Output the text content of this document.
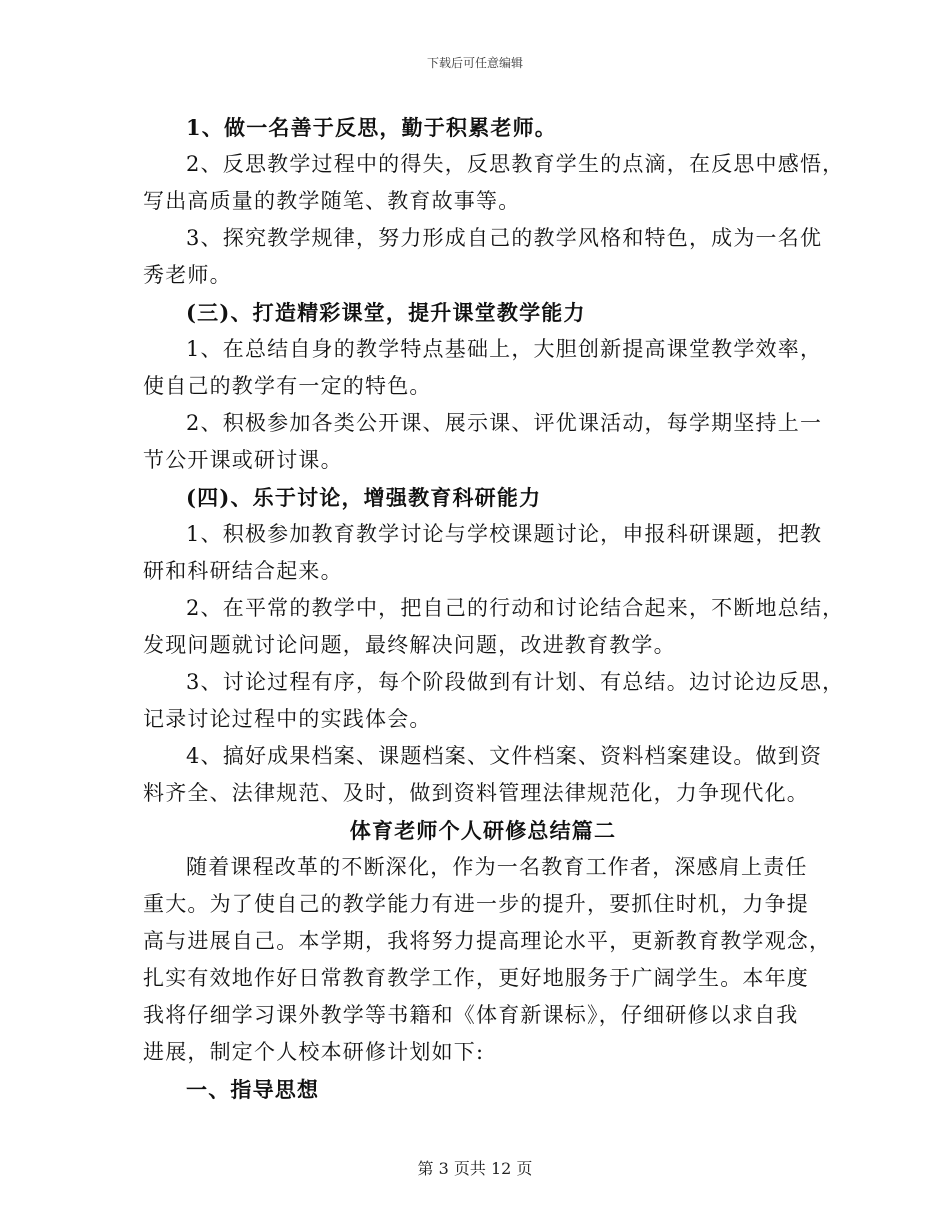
下载后可任意编辑
1、做一名善于反思，勤于积累老师。
2、反思教学过程中的得失，反思教育学生的点滴，在反思中感悟，
写出高质量的教学随笔、教育故事等。
3、探究教学规律，努力形成自己的教学风格和特色，成为一名优
秀老师。
(三)、打造精彩课堂，提升课堂教学能力
1、在总结自身的教学特点基础上，大胆创新提高课堂教学效率，
使自己的教学有一定的特色。
2、积极参加各类公开课、展示课、评优课活动，每学期坚持上一
节公开课或研讨课。
(四)、乐于讨论，增强教育科研能力
1、积极参加教育教学讨论与学校课题讨论，申报科研课题，把教
研和科研结合起来。
2、在平常的教学中，把自己的行动和讨论结合起来，不断地总结，
发现问题就讨论问题，最终解决问题，改进教育教学。
3、讨论过程有序，每个阶段做到有计划、有总结。边讨论边反思，
记录讨论过程中的实践体会。
4、搞好成果档案、课题档案、文件档案、资料档案建设。做到资
料齐全、法律规范、及时，做到资料管理法律规范化，力争现代化。
体育老师个人研修总结篇二
随着课程改革的不断深化，作为一名教育工作者，深感肩上责任
重大。为了使自己的教学能力有进一步的提升，要抓住时机，力争提
高与进展自己。本学期，我将努力提高理论水平，更新教育教学观念，
扎实有效地作好日常教育教学工作，更好地服务于广阔学生。本年度
我将仔细学习课外教学等书籍和《体育新课标》，仔细研修以求自我
进展，制定个人校本研修计划如下:
一、指导思想
第 3 页共 12 页
